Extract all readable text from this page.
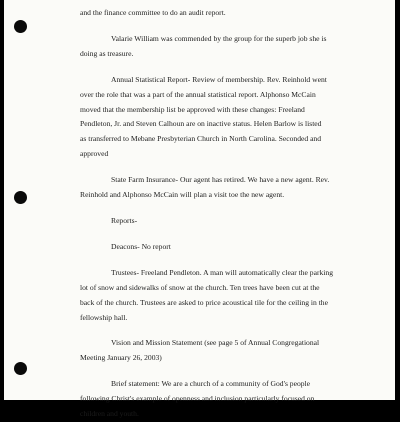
and the finance committee to do an audit report.

Valarie William was commended by the group for the superb job she is
doing as treasure.

Annual Statistical Report- Review of membership. Rev. Reinhold went
over the role that was a part of the annual statistical report. Alphonso McCain
moved that the membership list be approved with these changes: Freeland
Pendleton, Jr. and Steven Calhoun are on inactive status. Helen Barlow is listed
as transferred to Mebane Presbyterian Church in North Carolina. Seconded and
approved

State Farm Insurance- Our agent has retired. We have a new agent. Rev.
Reinhold and Alphonso McCain will plan a visit toe the new agent.

Reports-

Deacons- No report

Trustees- Freeland Pendleton. A man will automatically clear the parking
lot of snow and sidewalks of snow at the church. Ten trees have been cut at the
back of the church. Trustees are asked to price acoustical tile for the ceiling in the
fellowship hall.

Vision and Mission Statement (see page 5 of Annual Congregational
Meeting January 26, 2003)

Brief statement: We are a church of a community of God's people
following Christ's example of openness and inclusion particularly focused on
children and youth.
